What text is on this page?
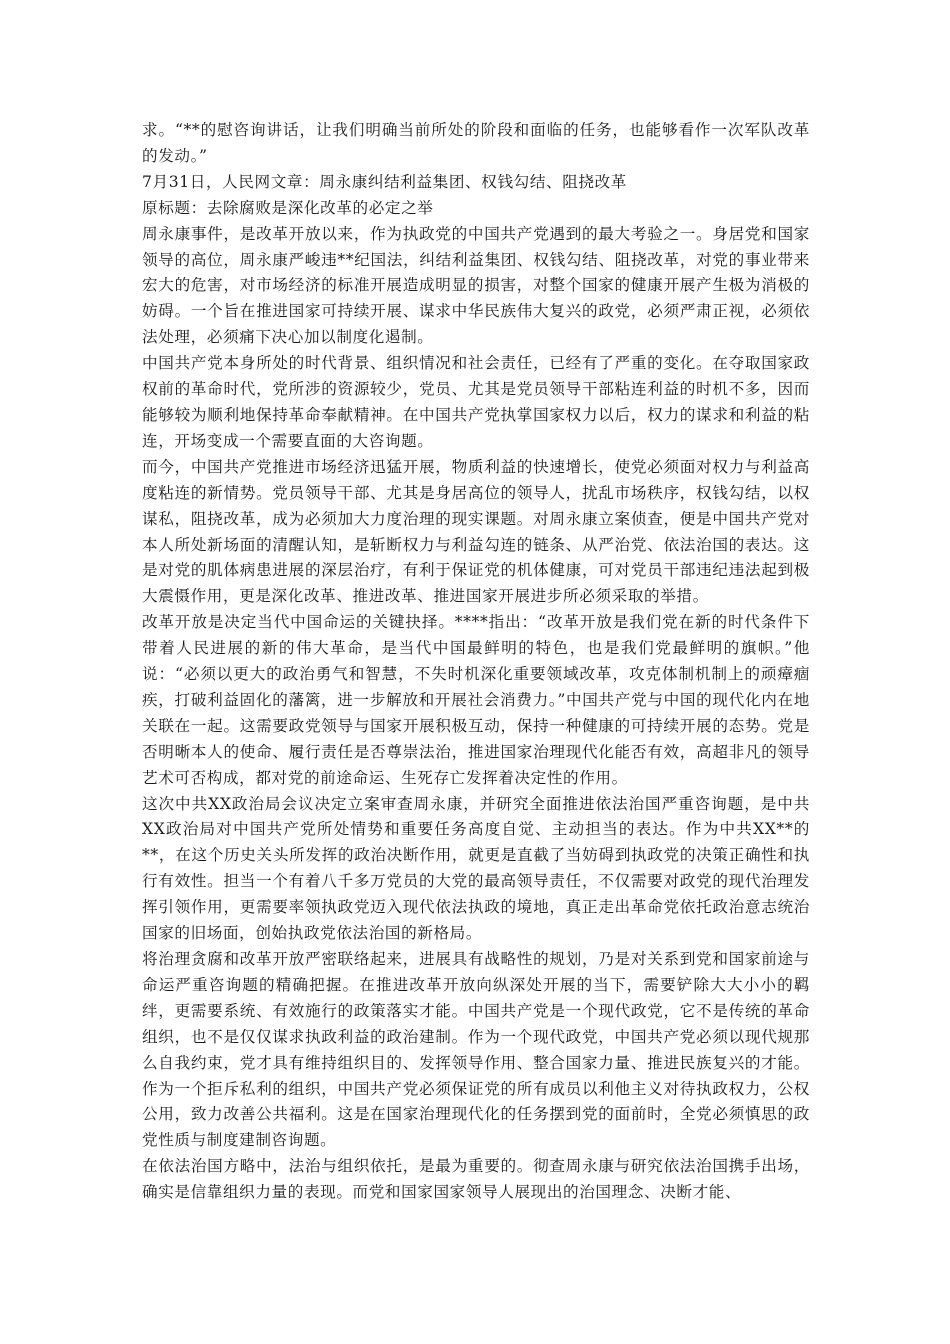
求。“**的慰咨询讲话，让我们明确当前所处的阶段和面临的任务，也能够看作一次军队改革的发动。”

7月31日，人民网文章：周永康纠结利益集团、权钱勾结、阻挠改革

原标题：去除腐败是深化改革的必定之举

周永康事件，是改革开放以来，作为执政党的中国共产党遇到的最大考验之一。身居党和国家领导的高位，周永康严峻违**纪国法，纠结利益集团、权钱勾结、阻挠改革，对党的事业带来宏大的危害，对市场经济的标准开展造成明显的损害，对整个国家的健康开展产生极为消极的妨碍。一个旨在推进国家可持续开展、谋求中华民族伟大复兴的政党，必须严肃正视，必须依法处理，必须痛下决心加以制度化遏制。

中国共产党本身所处的时代背景、组织情况和社会责任，已经有了严重的变化。在夺取国家政权前的革命时代，党所涉的资源较少，党员、尤其是党员领导干部粘连利益的时机不多，因而能够较为顺利地保持革命奉献精神。在中国共产党执掌国家权力以后，权力的谋求和利益的粘连，开场变成一个需要直面的大咨询题。

而今，中国共产党推进市场经济迅猛开展，物质利益的快速增长，使党必须面对权力与利益高度粘连的新情势。党员领导干部、尤其是身居高位的领导人，扰乱市场秩序，权钱勾结，以权谋私，阻挠改革，成为必须加大力度治理的现实课题。对周永康立案侦查，便是中国共产党对本人所处新场面的清醒认知，是斩断权力与利益勾连的链条、从严治党、依法治国的表达。这是对党的肌体病患进展的深层治疗，有利于保证党的机体健康，可对党员干部违纪违法起到极大震慑作用，更是深化改革、推进改革、推进国家开展进步所必须采取的举措。

改革开放是决定当代中国命运的关键抉择。****指出：“改革开放是我们党在新的时代条件下带着人民进展的新的伟大革命，是当代中国最鲜明的特色，也是我们党最鲜明的旗帜。”他说：“必须以更大的政治勇气和智慧，不失时机深化重要领域改革，攻克体制机制上的顽瘴痼疾，打破利益固化的藩篱，进一步解放和开展社会消费力。”中国共产党与中国的现代化内在地关联在一起。这需要政党领导与国家开展积极互动，保持一种健康的可持续开展的态势。党是否明晰本人的使命、履行责任是否尊崇法治，推进国家治理现代化能否有效，高超非凡的领导艺术可否构成，都对党的前途命运、生死存亡发挥着决定性的作用。

这次中共XX政治局会议决定立案审查周永康，并研究全面推进依法治国严重咨询题，是中共XX政治局对中国共产党所处情势和重要任务高度自觉、主动担当的表达。作为中共XX**的**，在这个历史关头所发挥的政治决断作用，就更是直截了当妨碍到执政党的决策正确性和执行有效性。担当一个有着八千多万党员的大党的最高领导责任，不仅需要对政党的现代治理发挥引领作用，更需要率领执政党迈入现代依法执政的境地，真正走出革命党依托政治意志统治国家的旧场面，创始执政党依法治国的新格局。

将治理贪腐和改革开放严密联络起来，进展具有战略性的规划，乃是对关系到党和国家前途与命运严重咨询题的精确把握。在推进改革开放向纵深处开展的当下，需要铲除大大小小的羁绊，更需要系统、有效施行的政策落实才能。中国共产党是一个现代政党，它不是传统的革命组织，也不是仅仅谋求执政利益的政治建制。作为一个现代政党，中国共产党必须以现代规那么自我约束，党才具有维持组织目的、发挥领导作用、整合国家力量、推进民族复兴的才能。作为一个拒斥私利的组织，中国共产党必须保证党的所有成员以利他主义对待执政权力，公权公用，致力改善公共福利。这是在国家治理现代化的任务摆到党的面前时，全党必须慎思的政党性质与制度建制咨询题。

在依法治国方略中，法治与组织依托，是最为重要的。彻查周永康与研究依法治国携手出场，确实是信靠组织力量的表现。而党和国家国家领导人展现出的治国理念、决断才能、
